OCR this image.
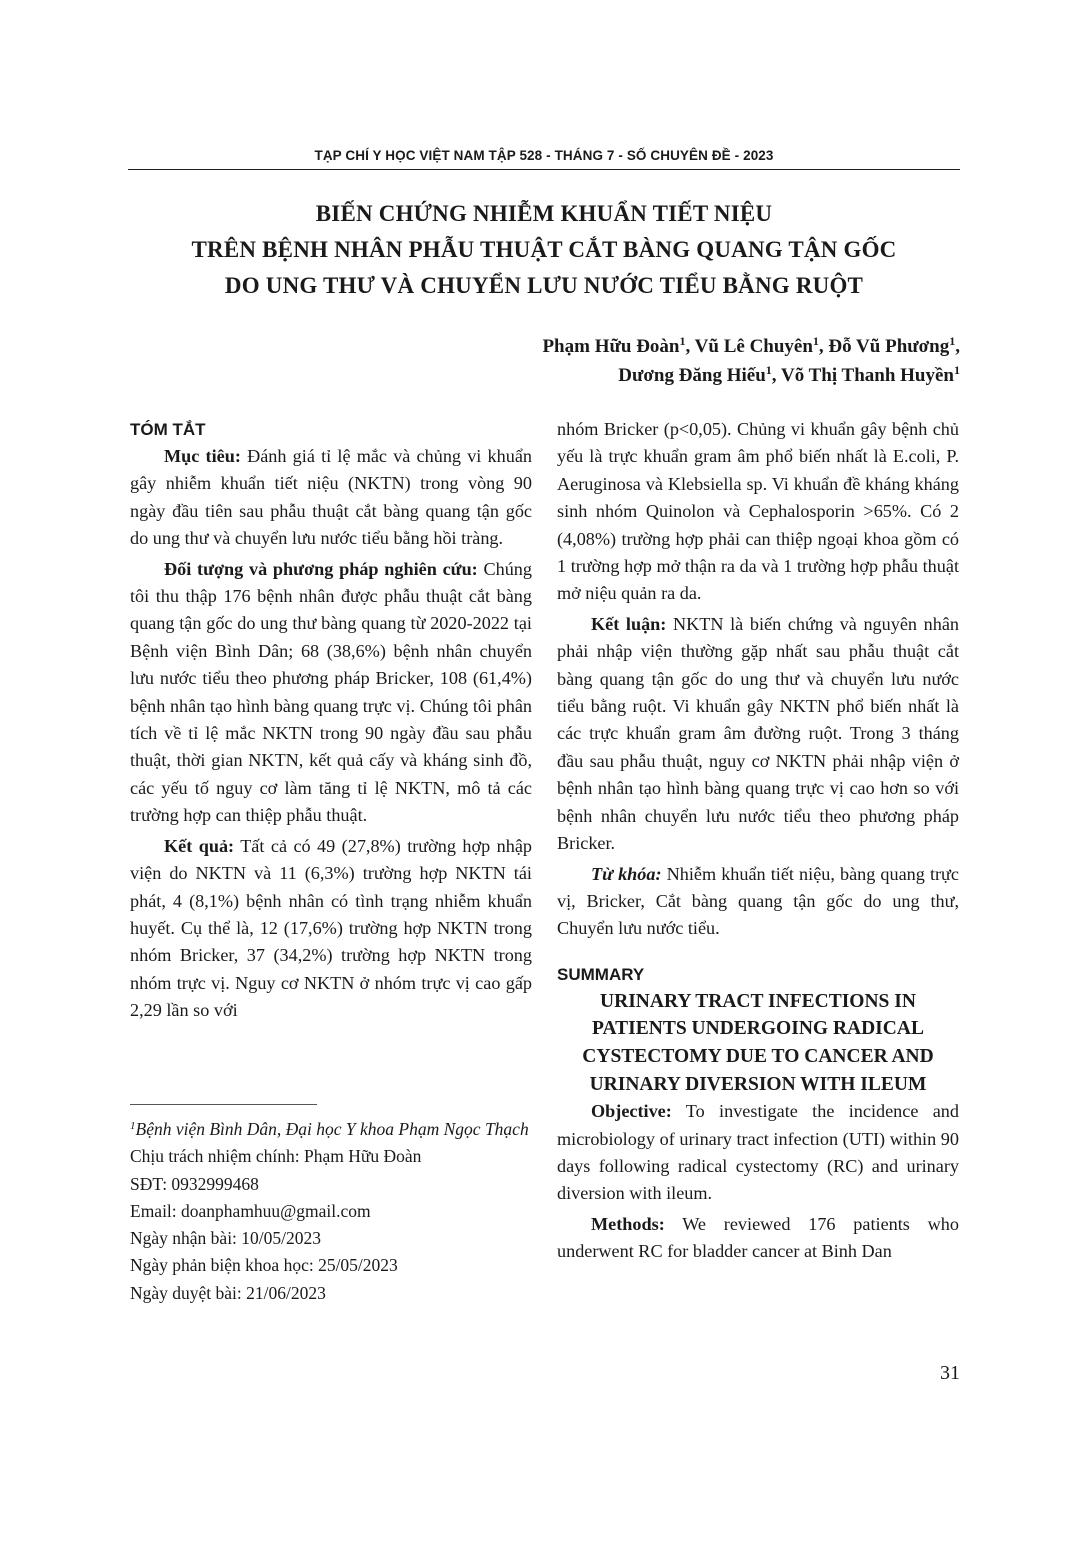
TẠP CHÍ Y HỌC VIỆT NAM TẬP 528 - THÁNG 7 - SỐ CHUYÊN ĐỀ - 2023
BIẾN CHỨNG NHIỄM KHUẨN TIẾT NIỆU
TRÊN BỆNH NHÂN PHẪU THUẬT CẮT BÀNG QUANG TẬN GỐC
DO UNG THƯ VÀ CHUYỂN LƯU NƯỚC TIỂU BẰNG RUỘT
Phạm Hữu Đoàn$^1$, Vũ Lê Chuyên$^1$, Đỗ Vũ Phương$^1$,
Dương Đăng Hiếu$^1$, Võ Thị Thanh Huyền$^1$

TÓM TẮT

Mục tiêu: Đánh giá tỉ lệ mắc và chủng vi khuẩn gây nhiễm khuẩn tiết niệu (NKTN) trong vòng 90 ngày đầu tiên sau phẫu thuật cắt bàng quang tận gốc do ung thư và chuyển lưu nước tiểu bằng hồi tràng.

Đối tượng và phương pháp nghiên cứu: Chúng tôi thu thập 176 bệnh nhân được phẫu thuật cắt bàng quang tận gốc do ung thư bàng quang từ 2020-2022 tại Bệnh viện Bình Dân; 68 (38,6%) bệnh nhân chuyển lưu nước tiểu theo phương pháp Bricker, 108 (61,4%) bệnh nhân tạo hình bàng quang trực vị. Chúng tôi phân tích về tỉ lệ mắc NKTN trong 90 ngày đầu sau phẫu thuật, thời gian NKTN, kết quả cấy và kháng sinh đồ, các yếu tố nguy cơ làm tăng tỉ lệ NKTN, mô tả các trường hợp can thiệp phẫu thuật.

Kết quả: Tất cả có 49 (27,8%) trường hợp nhập viện do NKTN và 11 (6,3%) trường hợp NKTN tái phát, 4 (8,1%) bệnh nhân có tình trạng nhiễm khuẩn huyết. Cụ thể là, 12 (17,6%) trường hợp NKTN trong nhóm Bricker, 37 (34,2%) trường hợp NKTN trong nhóm trực vị. Nguy cơ NKTN ở nhóm trực vị cao gấp 2,29 lần so với

$^1$Bệnh viện Bình Dân, Đại học Y khoa Phạm Ngọc Thạch
Chịu trách nhiệm chính: Phạm Hữu Đoàn
SĐT: 0932999468
Email: doanphamhuu@gmail.com
Ngày nhận bài: 10/05/2023
Ngày phản biện khoa học: 25/05/2023
Ngày duyệt bài: 21/06/2023

nhóm Bricker (p<0,05). Chủng vi khuẩn gây bệnh chủ yếu là trực khuẩn gram âm phổ biến nhất là E.coli, P. Aeruginosa và Klebsiella sp. Vi khuẩn đề kháng kháng sinh nhóm Quinolon và Cephalosporin >65%. Có 2 (4,08%) trường hợp phải can thiệp ngoại khoa gồm có 1 trường hợp mở thận ra da và 1 trường hợp phẫu thuật mở niệu quản ra da.

Kết luận: NKTN là biến chứng và nguyên nhân phải nhập viện thường gặp nhất sau phẫu thuật cắt bàng quang tận gốc do ung thư và chuyển lưu nước tiểu bằng ruột. Vi khuẩn gây NKTN phổ biến nhất là các trực khuẩn gram âm đường ruột. Trong 3 tháng đầu sau phẫu thuật, nguy cơ NKTN phải nhập viện ở bệnh nhân tạo hình bàng quang trực vị cao hơn so với bệnh nhân chuyển lưu nước tiểu theo phương pháp Bricker.

Từ khóa: Nhiễm khuẩn tiết niệu, bàng quang trực vị, Bricker, Cắt bàng quang tận gốc do ung thư, Chuyển lưu nước tiểu.

SUMMARY

URINARY TRACT INFECTIONS IN
PATIENTS UNDERGOING RADICAL
CYSTECTOMY DUE TO CANCER AND
URINARY DIVERSION WITH ILEUM

Objective: To investigate the incidence and microbiology of urinary tract infection (UTI) within 90 days following radical cystectomy (RC) and urinary diversion with ileum.

Methods: We reviewed 176 patients who underwent RC for bladder cancer at Binh Dan

31
